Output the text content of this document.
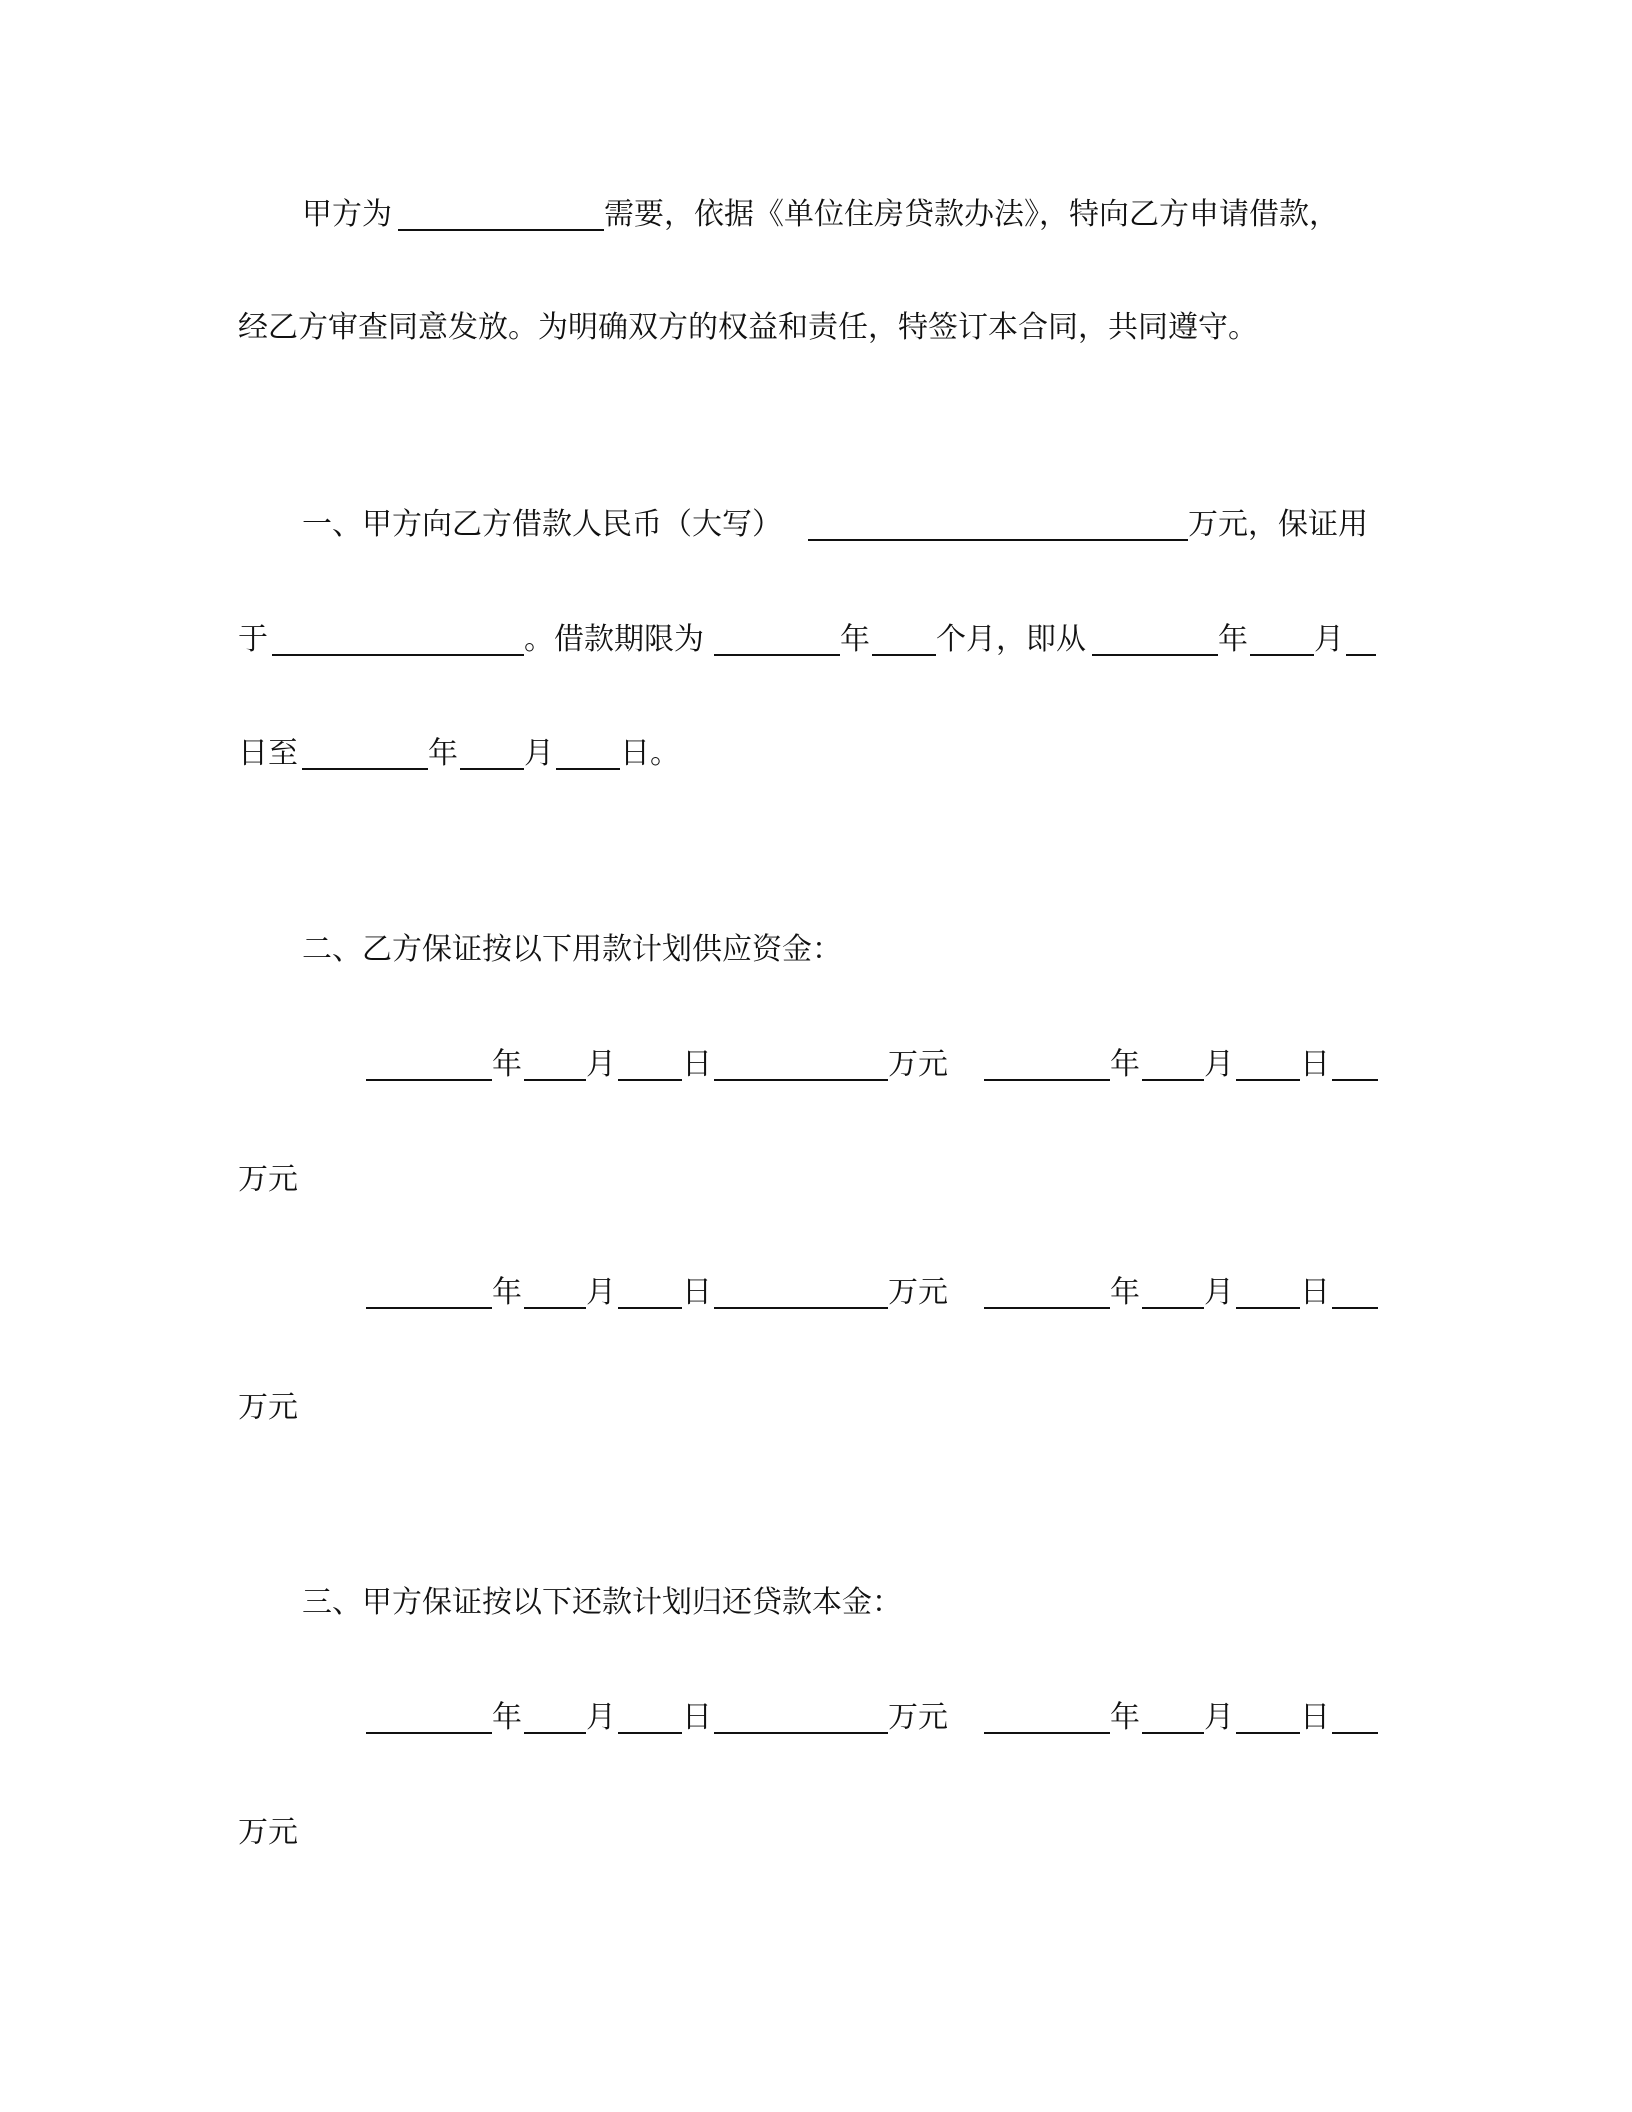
甲方为	需要，依据《单位住房贷款办法》，特向乙方申请借款，
经乙方审查同意发放。为明确双方的权益和责任，特签订本合同，共同遵守。
一、甲方向乙方借款人民币（大写）	万元，保证用
于	。借款期限为	年 个月，即从	年 月
日至	年 月 日。
二、乙方保证按以下用款计划供应资金：
年 月 日	万元	年 月 日
万元
年 月 日	万元	年 月 日
万元
三、甲方保证按以下还款计划归还贷款本金：
年 月 日	万元	年 月 日
万元
